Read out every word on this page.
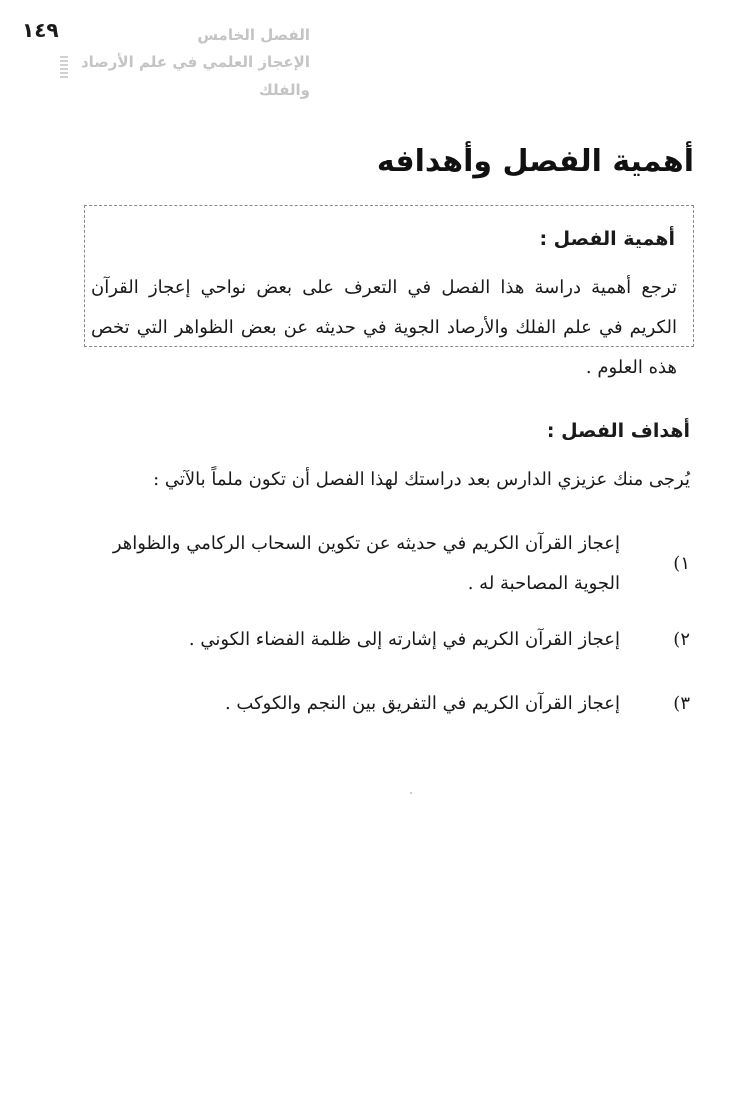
١٤٩	الفصل الخامس
الإعجاز العلمي في علم الأرصاد والفلك
أهمية الفصل وأهدافه
أهمية الفصل :

ترجع أهمية دراسة هذا الفصل في التعرف على بعض نواحي إعجاز القرآن الكريم في علم الفلك والأرصاد الجوية في حديثه عن بعض الظواهر التي تخص هذه العلوم .

أهداف الفصل :

يُرجى منك عزيزي الدارس بعد دراستك لهذا الفصل أن تكون ملماً بالآتي :

١)
إعجاز القرآن الكريم في حديثه عن تكوين السحاب الركامي والظواهر الجوية المصاحبة له .
٢)
إعجاز القرآن الكريم في إشارته إلى ظلمة الفضاء الكوني .
٣)
إعجاز القرآن الكريم في التفريق بين النجم والكوكب .
